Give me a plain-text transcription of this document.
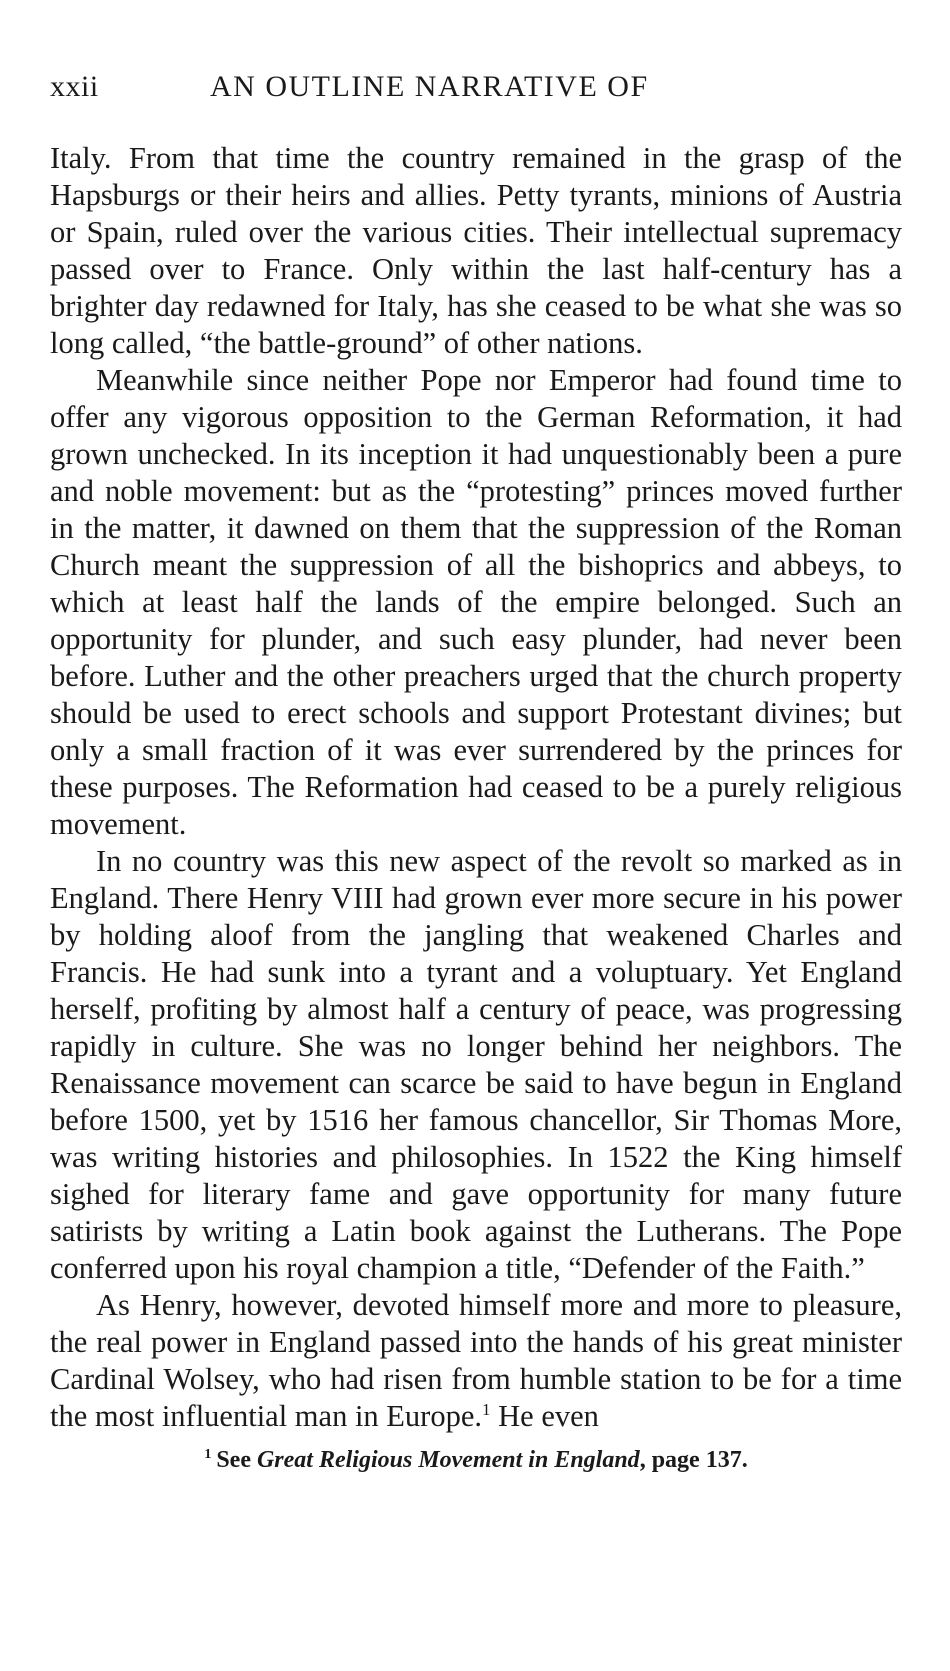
xxii	AN OUTLINE NARRATIVE OF

Italy. From that time the country remained in the grasp of the Hapsburgs or their heirs and allies. Petty tyrants, minions of Austria or Spain, ruled over the various cities. Their intellectual supremacy passed over to France. Only within the last half-century has a brighter day redawned for Italy, has she ceased to be what she was so long called, “the battle-ground” of other nations.

Meanwhile since neither Pope nor Emperor had found time to offer any vigorous opposition to the German Reformation, it had grown unchecked. In its inception it had unquestionably been a pure and noble movement: but as the “protesting” princes moved further in the matter, it dawned on them that the suppression of the Roman Church meant the suppression of all the bishoprics and abbeys, to which at least half the lands of the empire belonged. Such an opportunity for plunder, and such easy plunder, had never been before. Luther and the other preachers urged that the church property should be used to erect schools and support Protestant divines; but only a small fraction of it was ever surrendered by the princes for these purposes. The Reformation had ceased to be a purely religious movement.

In no country was this new aspect of the revolt so marked as in England. There Henry VIII had grown ever more secure in his power by holding aloof from the jangling that weakened Charles and Francis. He had sunk into a tyrant and a voluptuary. Yet England herself, profiting by almost half a century of peace, was progressing rapidly in culture. She was no longer behind her neighbors. The Renaissance movement can scarce be said to have begun in England before 1500, yet by 1516 her famous chancellor, Sir Thomas More, was writing histories and philosophies. In 1522 the King himself sighed for literary fame and gave opportunity for many future satirists by writing a Latin book against the Lutherans. The Pope conferred upon his royal champion a title, “Defender of the Faith.”

As Henry, however, devoted himself more and more to pleasure, the real power in England passed into the hands of his great minister Cardinal Wolsey, who had risen from humble station to be for a time the most influential man in Europe.$^1$ He even

$^1$ See Great Religious Movement in England, page 137.
